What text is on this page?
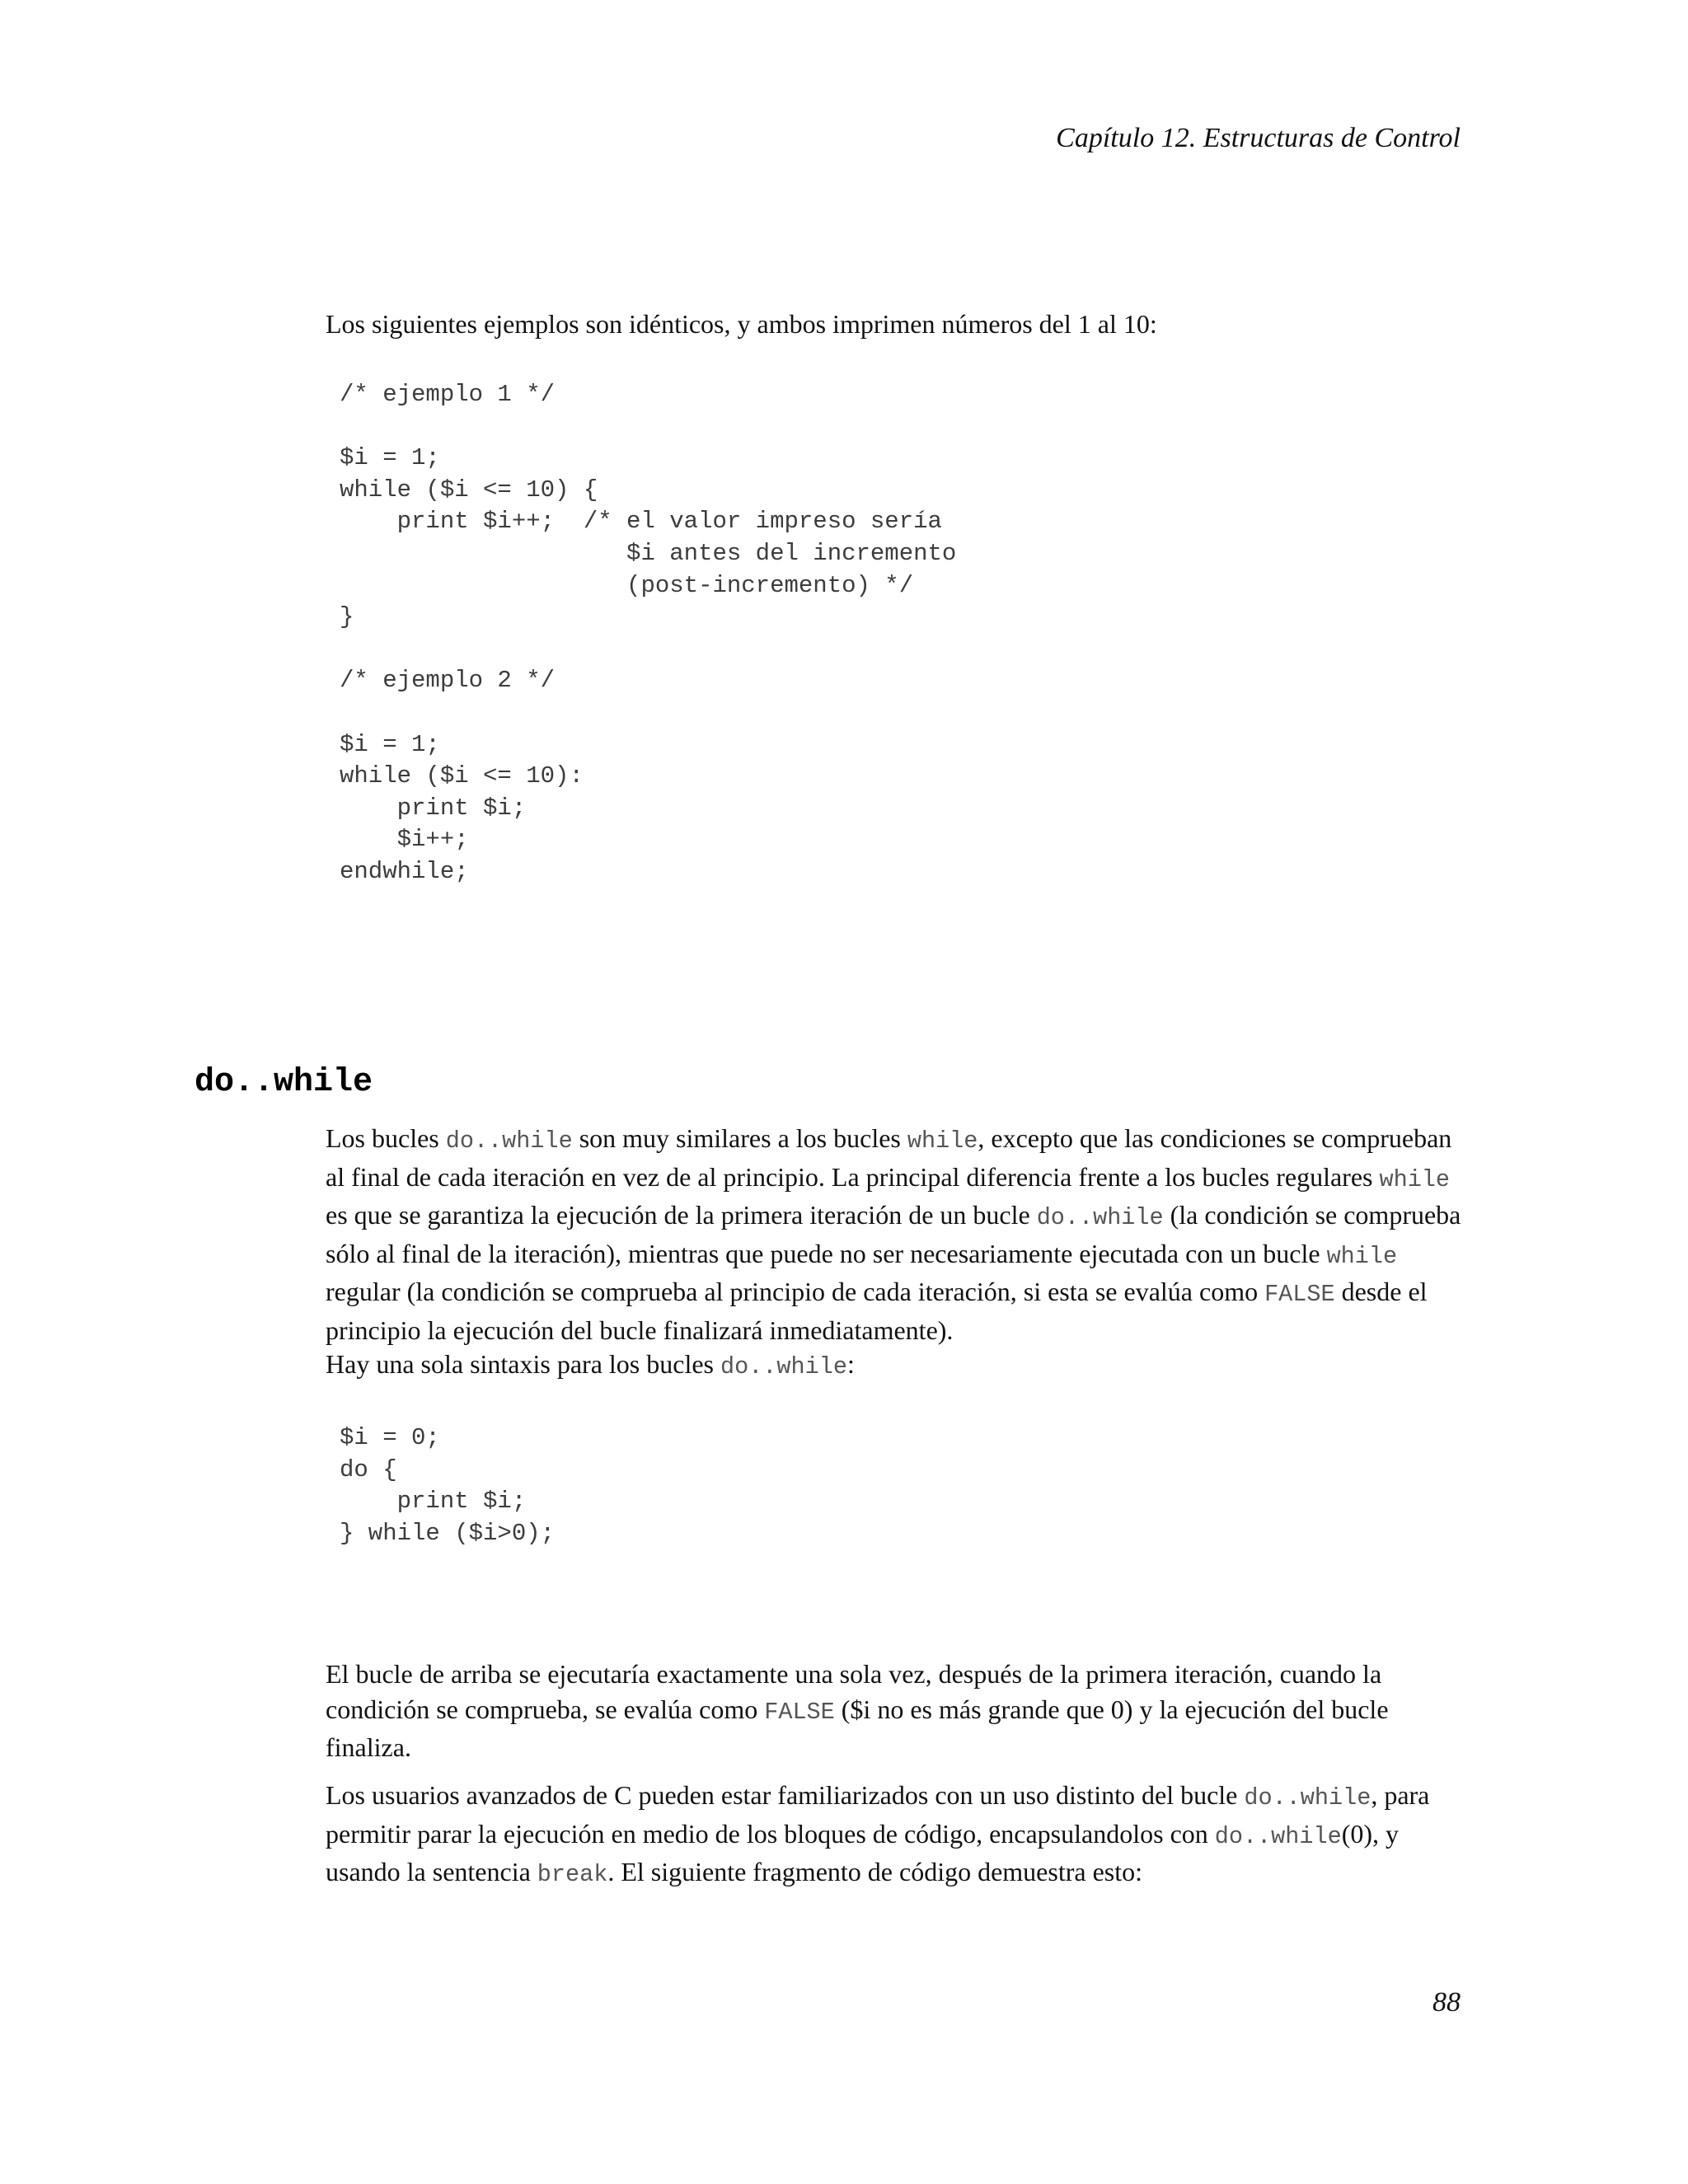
Capítulo 12. Estructuras de Control

Los siguientes ejemplos son idénticos, y ambos imprimen números del 1 al 10:

/* ejemplo 1 */
$i = 1;
while ($i <= 10) {
print $i++;  /* el valor impreso sería
$i antes del incremento
(post-incremento) */
}
/* ejemplo 2 */
$i = 1;
while ($i <= 10):
print $i;
$i++;
endwhile;
do..while

Los bucles do..while son muy similares a los bucles while, excepto que las condiciones se comprueban al final de cada iteración en vez de al principio. La principal diferencia frente a los bucles regulares while es que se garantiza la ejecución de la primera iteración de un bucle do..while (la condición se comprueba sólo al final de la iteración), mientras que puede no ser necesariamente ejecutada con un bucle while regular (la condición se comprueba al principio de cada iteración, si esta se evalúa como FALSE desde el principio la ejecución del bucle finalizará inmediatamente).

Hay una sola sintaxis para los bucles do..while:

$i = 0;
do {
print $i;
} while ($i>0);

El bucle de arriba se ejecutaría exactamente una sola vez, después de la primera iteración, cuando la condición se comprueba, se evalúa como FALSE ($i no es más grande que 0) y la ejecución del bucle finaliza.

Los usuarios avanzados de C pueden estar familiarizados con un uso distinto del bucle do..while, para permitir parar la ejecución en medio de los bloques de código, encapsulandolos con do..while(0), y usando la sentencia break. El siguiente fragmento de código demuestra esto:

88
